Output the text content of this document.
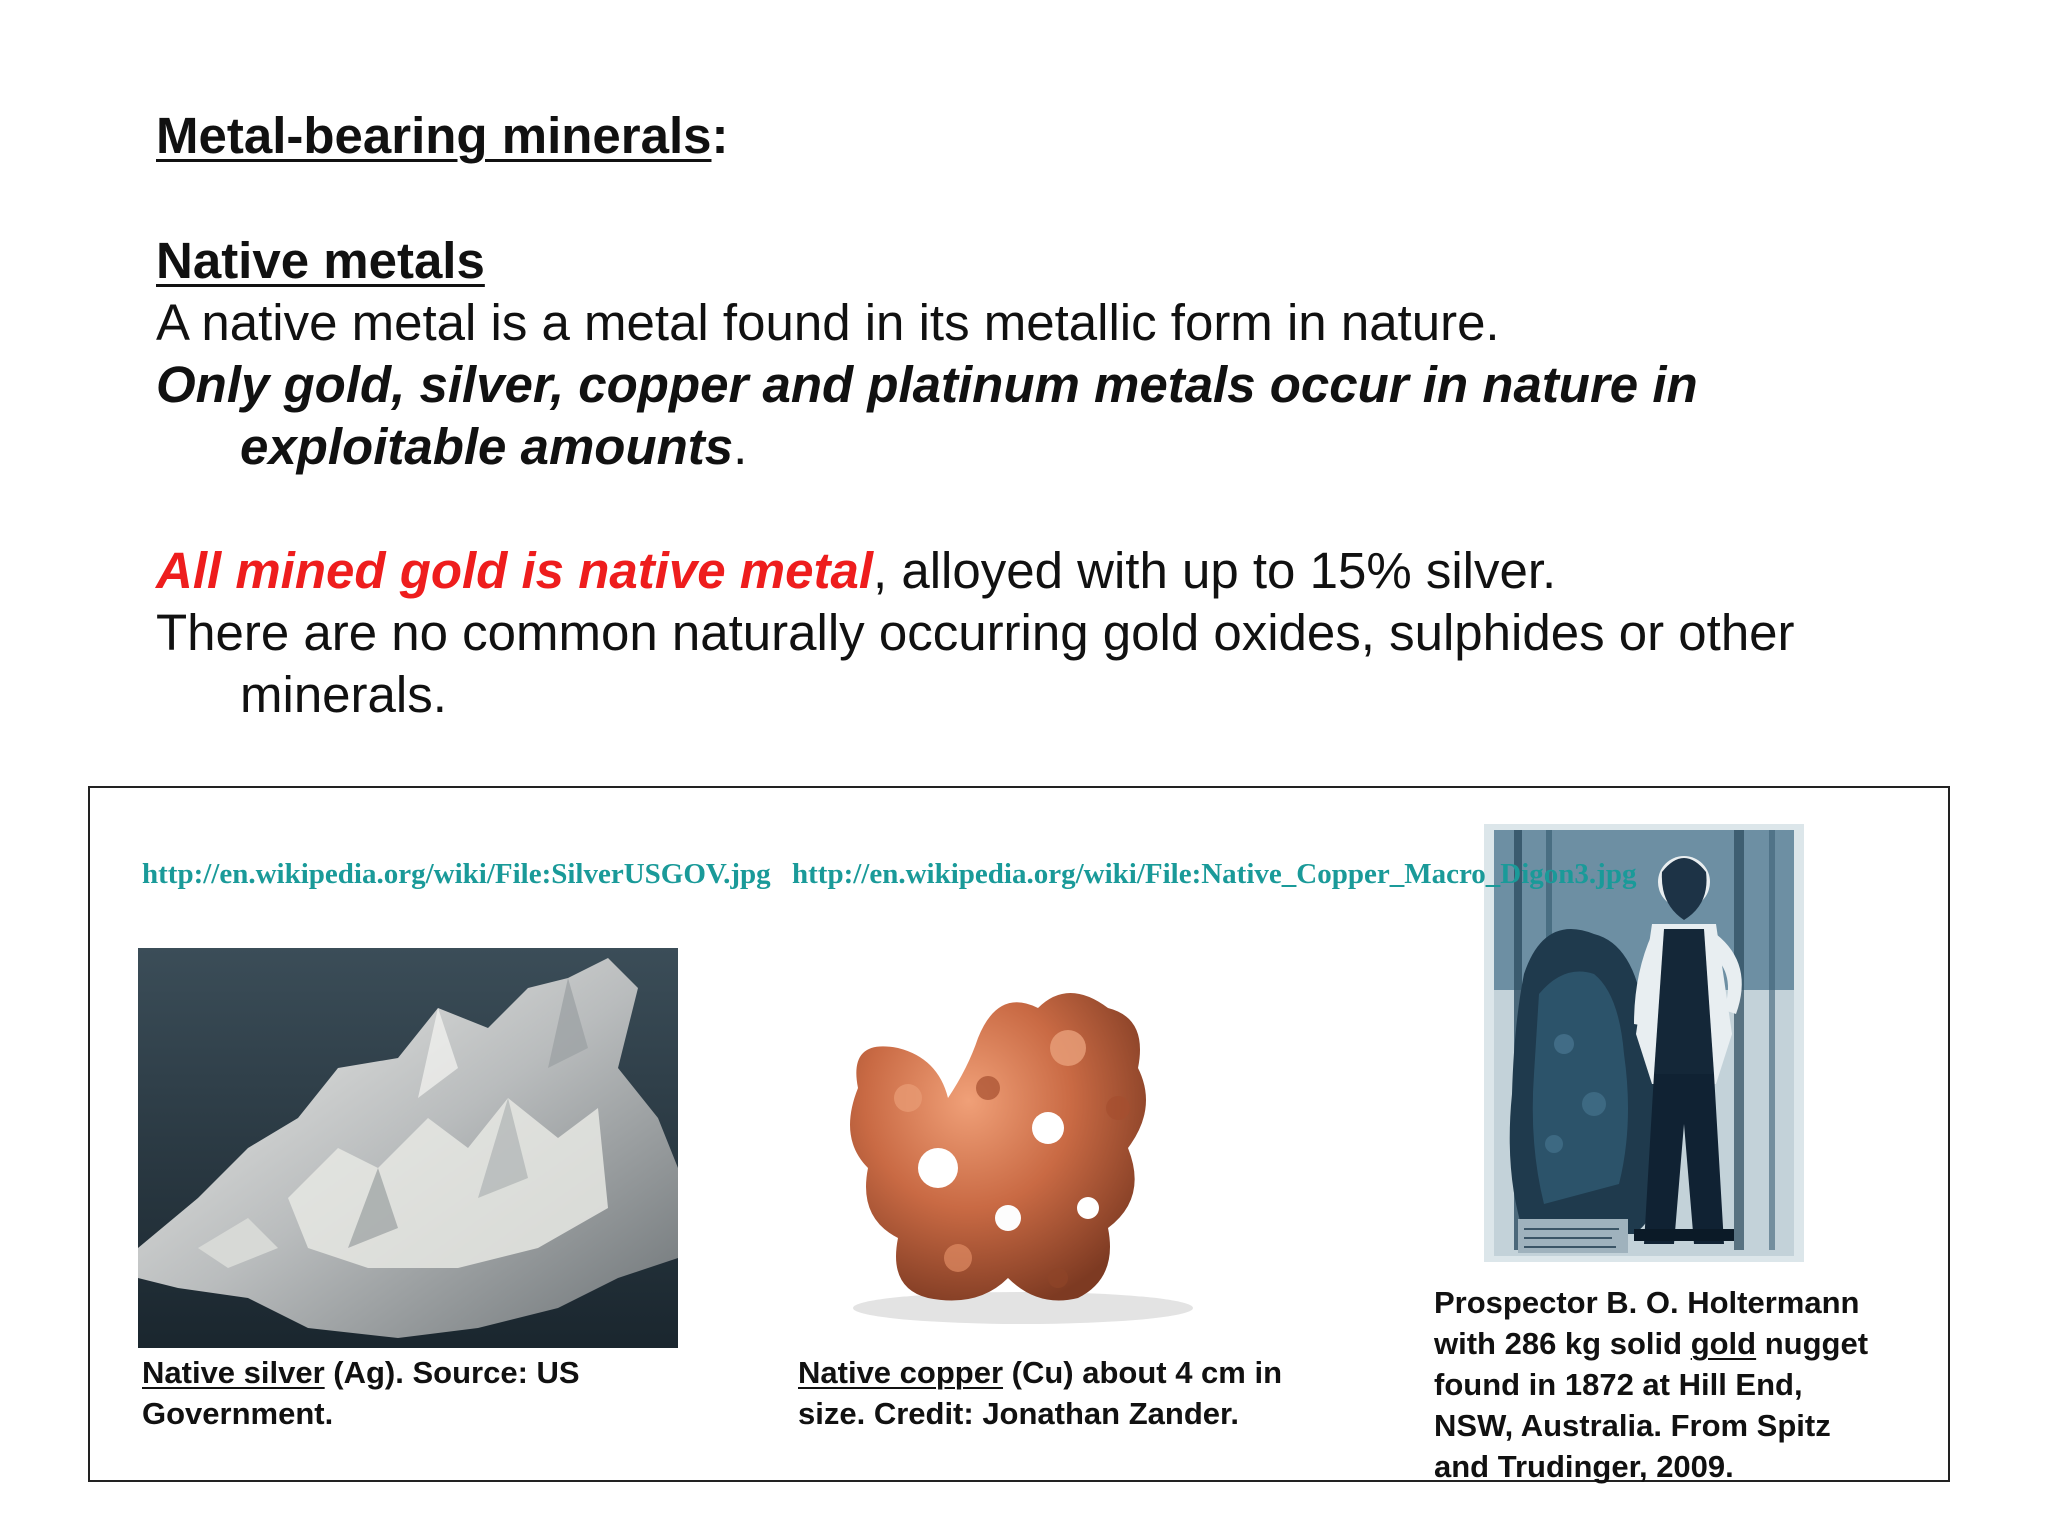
Metal-bearing minerals:
Native metals
A native metal is a metal found in its metallic form in nature.
Only gold, silver, copper and platinum metals occur in nature in
exploitable amounts.
All mined gold is native metal, alloyed with up to 15% silver.
There are no common naturally occurring gold oxides, sulphides or other
minerals.
http://en.wikipedia.org/wiki/File:SilverUSGOV.jpg http://en.wikipedia.org/wiki/File:Native_Copper_Macro_Digon3.jpg
Native silver (Ag). Source: US
Government.
Native copper (Cu) about 4 cm in
size. Credit: Jonathan Zander.
Prospector B. O. Holtermann
with 286 kg solid gold nugget
found in 1872 at Hill End,
NSW, Australia. From Spitz
and Trudinger, 2009.
